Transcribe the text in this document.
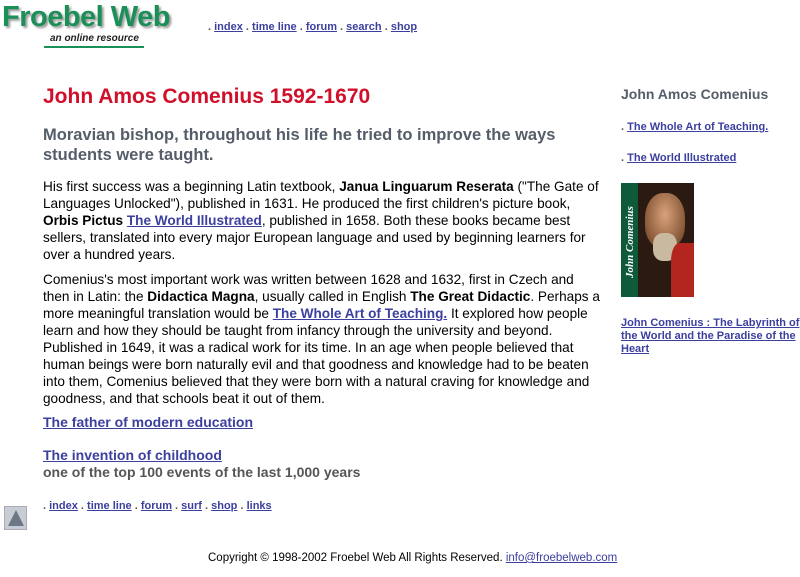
Froebel Web
an online resource
. index . time line . forum . search . shop
John Amos Comenius 1592-1670
Moravian bishop, throughout his life he tried to improve the ways students were taught.
His first success was a beginning Latin textbook, Janua Linguarum Reserata ("The Gate of Languages Unlocked"), published in 1631. He produced the first children's picture book, Orbis Pictus The World Illustrated, published in 1658. Both these books became best sellers, translated into every major European language and used by beginning learners for over a hundred years.
Comenius's most important work was written between 1628 and 1632, first in Czech and then in Latin: the Didactica Magna, usually called in English The Great Didactic. Perhaps a more meaningful translation would be The Whole Art of Teaching. It explored how people learn and how they should be taught from infancy through the university and beyond. Published in 1649, it was a radical work for its time. In an age when people believed that human beings were born naturally evil and that goodness and knowledge had to be beaten into them, Comenius believed that they were born with a natural craving for knowledge and goodness, and that schools beat it out of them.
The father of modern education
The invention of childhood
one of the top 100 events of the last 1,000 years
John Amos Comenius
. The Whole Art of Teaching.
. The World Illustrated
John Comenius
John Comenius : The Labyrinth of the World and the Paradise of the Heart
. index . time line . forum . surf . shop . links
Copyright © 1998-2002 Froebel Web All Rights Reserved. info@froebelweb.com
